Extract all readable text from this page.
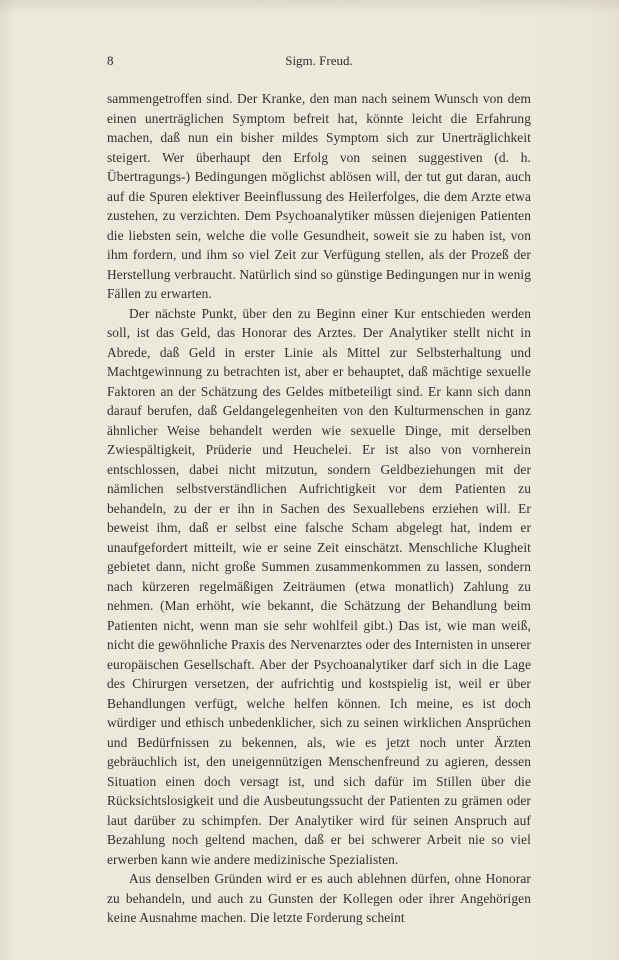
8	Sigm. Freud.

sammengetroffen sind. Der Kranke, den man nach seinem Wunsch von dem einen unerträglichen Symptom befreit hat, könnte leicht die Erfahrung machen, daß nun ein bisher mildes Symptom sich zur Unerträglichkeit steigert. Wer überhaupt den Erfolg von seinen suggestiven (d. h. Übertragungs-) Bedingungen möglichst ablösen will, der tut gut daran, auch auf die Spuren elektiver Beeinflussung des Heilerfolges, die dem Arzte etwa zustehen, zu verzichten. Dem Psychoanalytiker müssen diejenigen Patienten die liebsten sein, welche die volle Gesundheit, soweit sie zu haben ist, von ihm fordern, und ihm so viel Zeit zur Verfügung stellen, als der Prozeß der Herstellung verbraucht. Natürlich sind so günstige Bedingungen nur in wenig Fällen zu erwarten.

Der nächste Punkt, über den zu Beginn einer Kur entschieden werden soll, ist das Geld, das Honorar des Arztes. Der Analytiker stellt nicht in Abrede, daß Geld in erster Linie als Mittel zur Selbsterhaltung und Machtgewinnung zu betrachten ist, aber er behauptet, daß mächtige sexuelle Faktoren an der Schätzung des Geldes mitbeteiligt sind. Er kann sich dann darauf berufen, daß Geldangelegenheiten von den Kulturmenschen in ganz ähnlicher Weise behandelt werden wie sexuelle Dinge, mit derselben Zwiespältigkeit, Prüderie und Heuchelei. Er ist also von vornherein entschlossen, dabei nicht mitzutun, sondern Geldbeziehungen mit der nämlichen selbstverständlichen Aufrichtigkeit vor dem Patienten zu behandeln, zu der er ihn in Sachen des Sexuallebens erziehen will. Er beweist ihm, daß er selbst eine falsche Scham abgelegt hat, indem er unaufgefordert mitteilt, wie er seine Zeit einschätzt. Menschliche Klugheit gebietet dann, nicht große Summen zusammenkommen zu lassen, sondern nach kürzeren regelmäßigen Zeiträumen (etwa monatlich) Zahlung zu nehmen. (Man erhöht, wie bekannt, die Schätzung der Behandlung beim Patienten nicht, wenn man sie sehr wohlfeil gibt.) Das ist, wie man weiß, nicht die gewöhnliche Praxis des Nervenarztes oder des Internisten in unserer europäischen Gesellschaft. Aber der Psychoanalytiker darf sich in die Lage des Chirurgen versetzen, der aufrichtig und kostspielig ist, weil er über Behandlungen verfügt, welche helfen können. Ich meine, es ist doch würdiger und ethisch unbedenklicher, sich zu seinen wirklichen Ansprüchen und Bedürfnissen zu bekennen, als, wie es jetzt noch unter Ärzten gebräuchlich ist, den uneigennützigen Menschenfreund zu agieren, dessen Situation einen doch versagt ist, und sich dafür im Stillen über die Rücksichtslosigkeit und die Ausbeutungssucht der Patienten zu grämen oder laut darüber zu schimpfen. Der Analytiker wird für seinen Anspruch auf Bezahlung noch geltend machen, daß er bei schwerer Arbeit nie so viel erwerben kann wie andere medizinische Spezialisten.

Aus denselben Gründen wird er es auch ablehnen dürfen, ohne Honorar zu behandeln, und auch zu Gunsten der Kollegen oder ihrer Angehörigen keine Ausnahme machen. Die letzte Forderung scheint
